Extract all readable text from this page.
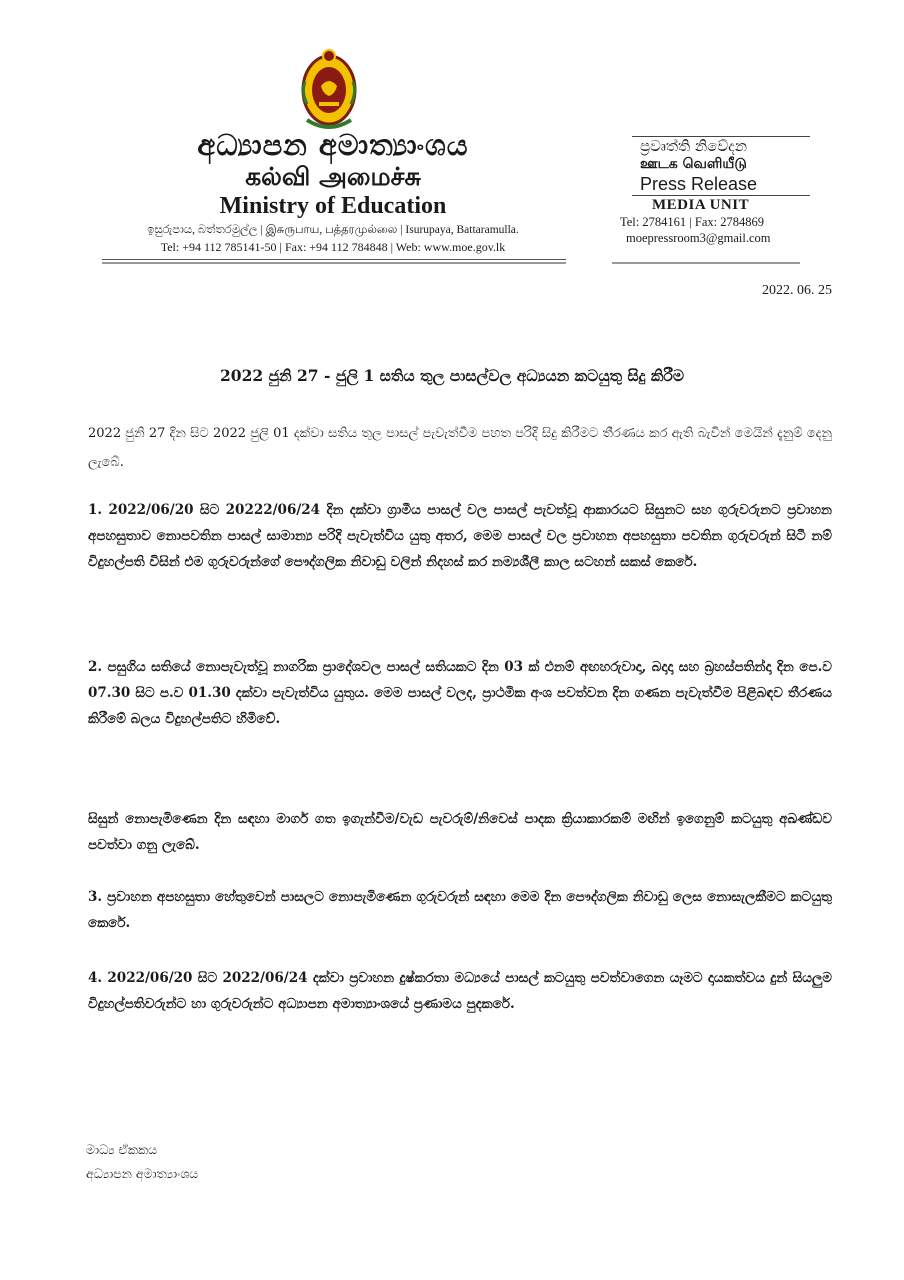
අධ්‍යාපන අමාත්‍යාංශය
கல்வி அமைச்சு
Ministry of Education
ඉසුරුපාය, බත්තරමුල්ල | இசுருபாய, பத்தரமுல்லை | Isurupaya, Battaramulla.
Tel: +94 112 785141-50 | Fax: +94 112 784848 | Web: www.moe.gov.lk
ප්‍රවෘත්ති නිවේදන
ஊடக வெளியீடு
Press Release
MEDIA UNIT
Tel: 2784161 | Fax: 2784869
moepressroom3@gmail.com
2022. 06. 25
2022 ජුනි 27 - ජුලි 1 සතිය තුල පාසල්වල අධ්‍යයන කටයුතු සිදු කිරීම
2022 ජුනි 27 දින සිට 2022 ජුලි 01 දක්වා සතිය තුල පාසල් පැවැත්වීම පහත පරිදි සිදු කිරීමට තීරණය කර ඇති බැවින් මෙයින් දැනුම් දෙනු ලැබේ.
1. 2022/06/20 සිට 20222/06/24 දින දක්වා ග්‍රාමීය පාසල් වල පාසල් පැවත්වූ ආකාරයට සිසුනට සහ ගුරුවරුනට ප්‍රවාහන අපහසුතාව නොපවතින පාසල් සාමාන්‍ය පරිදි පැවැත්විය යුතු අතර, මෙම පාසල් වල ප්‍රවාහන අපහසුතා පවතින ගුරුවරුන් සිටී නම් විදුහල්පති විසින් එම ගුරුවරුන්ගේ පෞද්ගලික නිවාඩු වලින් නිදහස් කර නම්‍යශීලී කාල සටහන් සකස් කෙරේ.
2. පසුගිය සතියේ නොපැවැත්වූ නාගරික ප්‍රාදේශවල පාසල් සතියකට දින 03 ක් එනම් අඟහරුවාදා, බදාදා සහ බ්‍රහස්පතින්දා දින පෙ.ව 07.30 සිට ප.ව 01.30 දක්වා පැවැත්විය යුතුය. මෙම පාසල් වලද, ප්‍රාථමික අංශ පවත්වන දින ගණන පැවැත්වීම පිළිබඳව තීරණය කිරීමේ බලය විදුහල්පතිට හිමිවේ.
සිසුන් නොපැමිණෙන දින සඳහා මාර්ග ගත ඉගැන්වීම/වැඩ පැවරුම්/නිවෙස් පාදක ක්‍රියාකාරකම් මඟින් ඉගෙනුම් කටයුතු අඛණ්ඩව පවත්වා ගනු ලැබේ.
3. ප්‍රවාහන අපහසුතා හේතුවෙන් පාසලට නොපැමිණෙන ගුරුවරුන් සඳහා මෙම දින පෞද්ගලික නිවාඩු ලෙස නොසැලකීමට කටයුතු කෙරේ.
4. 2022/06/20 සිට 2022/06/24 දක්වා ප්‍රවාහන දුෂ්කරතා මධ්‍යයේ පාසල් කටයුතු පවත්වාගෙන යෑමට දායකත්වය දුන් සියලුම විදුහල්පතිවරුන්ට හා ගුරුවරුන්ට අධ්‍යාපන අමාත්‍යාංශයේ ප්‍රණාමය පුදකරේ.
මාධ්‍ය ඒකකය
අධ්‍යාපන අමාත්‍යාංශය
